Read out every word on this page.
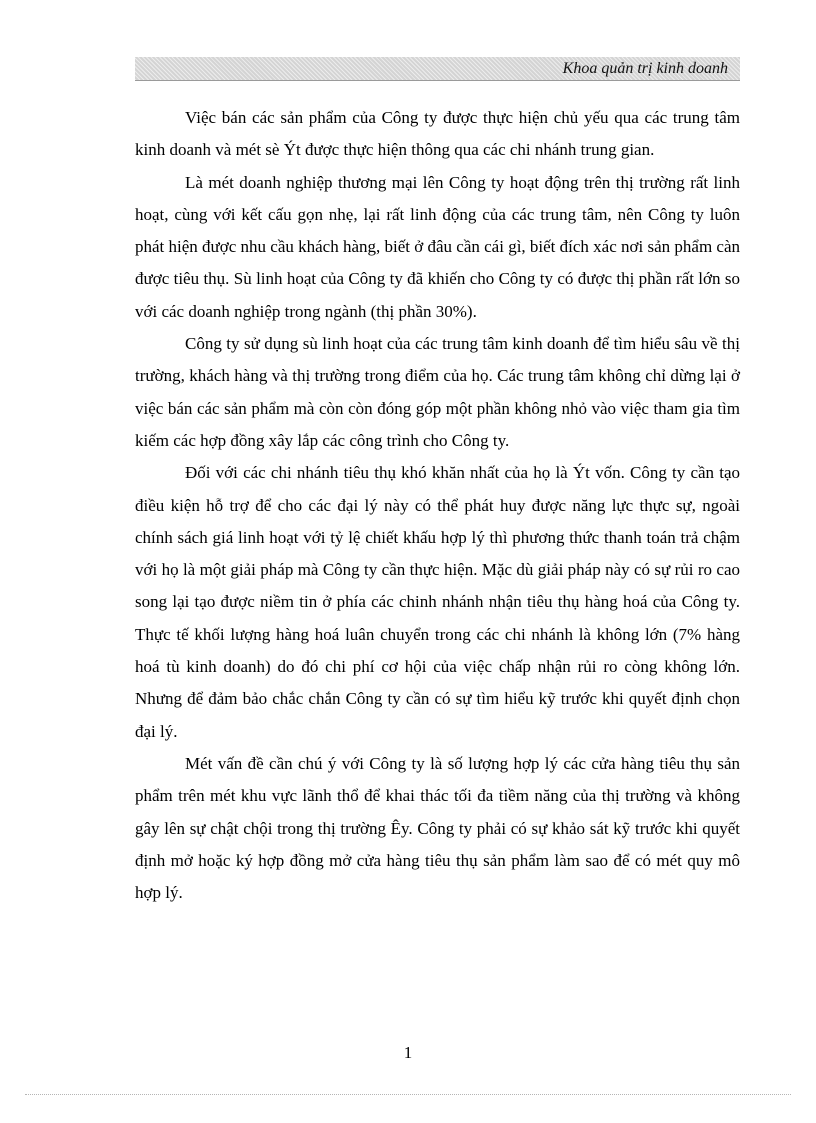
Khoa quản trị kinh doanh

Việc bán các sản phẩm của Công ty được thực hiện chủ yếu qua các trung tâm kinh doanh và mét sè Ýt được thực hiện thông qua các chi nhánh trung gian.

Là mét doanh nghiệp thương mại lên Công ty hoạt động trên thị trường rất linh hoạt, cùng với kết cấu gọn nhẹ, lại rất linh động của các trung tâm, nên Công ty luôn phát hiện được nhu cầu khách hàng, biết ở đâu cần cái gì, biết đích xác nơi sản phẩm càn được tiêu thụ. Sù linh hoạt của Công ty đã khiến cho Công ty có được thị phần rất lớn so với các doanh nghiệp trong ngành (thị phần 30%).

Công ty sử dụng sù linh hoạt của các trung tâm kinh doanh để tìm hiểu sâu về thị trường, khách hàng và thị trường trong điểm của họ. Các trung tâm không chỉ dừng lại ở việc bán các sản phẩm mà còn còn đóng góp một phần không nhỏ vào việc tham gia tìm kiếm các hợp đồng xây lắp các công trình cho Công ty.

Đối với các chi nhánh tiêu thụ khó khăn nhất của họ là Ýt vốn. Công ty cần tạo điều kiện hỗ trợ để cho các đại lý này có thể phát huy được năng lực thực sự, ngoài chính sách giá linh hoạt với tỷ lệ chiết khấu hợp lý thì phương thức thanh toán trả chậm với họ là một giải pháp mà Công ty cần thực hiện. Mặc dù giải pháp này có sự rủi ro cao song lại tạo được niềm tin ở phía các chinh nhánh nhận tiêu thụ hàng hoá của Công ty. Thực tế khối lượng hàng hoá luân chuyển trong các chi nhánh là không lớn (7% hàng hoá tù kinh doanh) do đó chi phí cơ hội của việc chấp nhận rủi ro còng không lớn. Nhưng để đảm bảo chắc chắn Công ty cần có sự tìm hiểu kỹ trước khi quyết định chọn đại lý.

Mét vấn đề cần chú ý với Công ty là số lượng hợp lý các cửa hàng tiêu thụ sản phẩm trên mét khu vực lãnh thổ để khai thác tối đa tiềm năng của thị trường và không gây lên sự chật chội trong thị trường Êy. Công ty phải có sự khảo sát kỹ trước khi quyết định mở hoặc ký hợp đồng mở cửa hàng tiêu thụ sản phẩm làm sao để có mét quy mô hợp lý.

1
